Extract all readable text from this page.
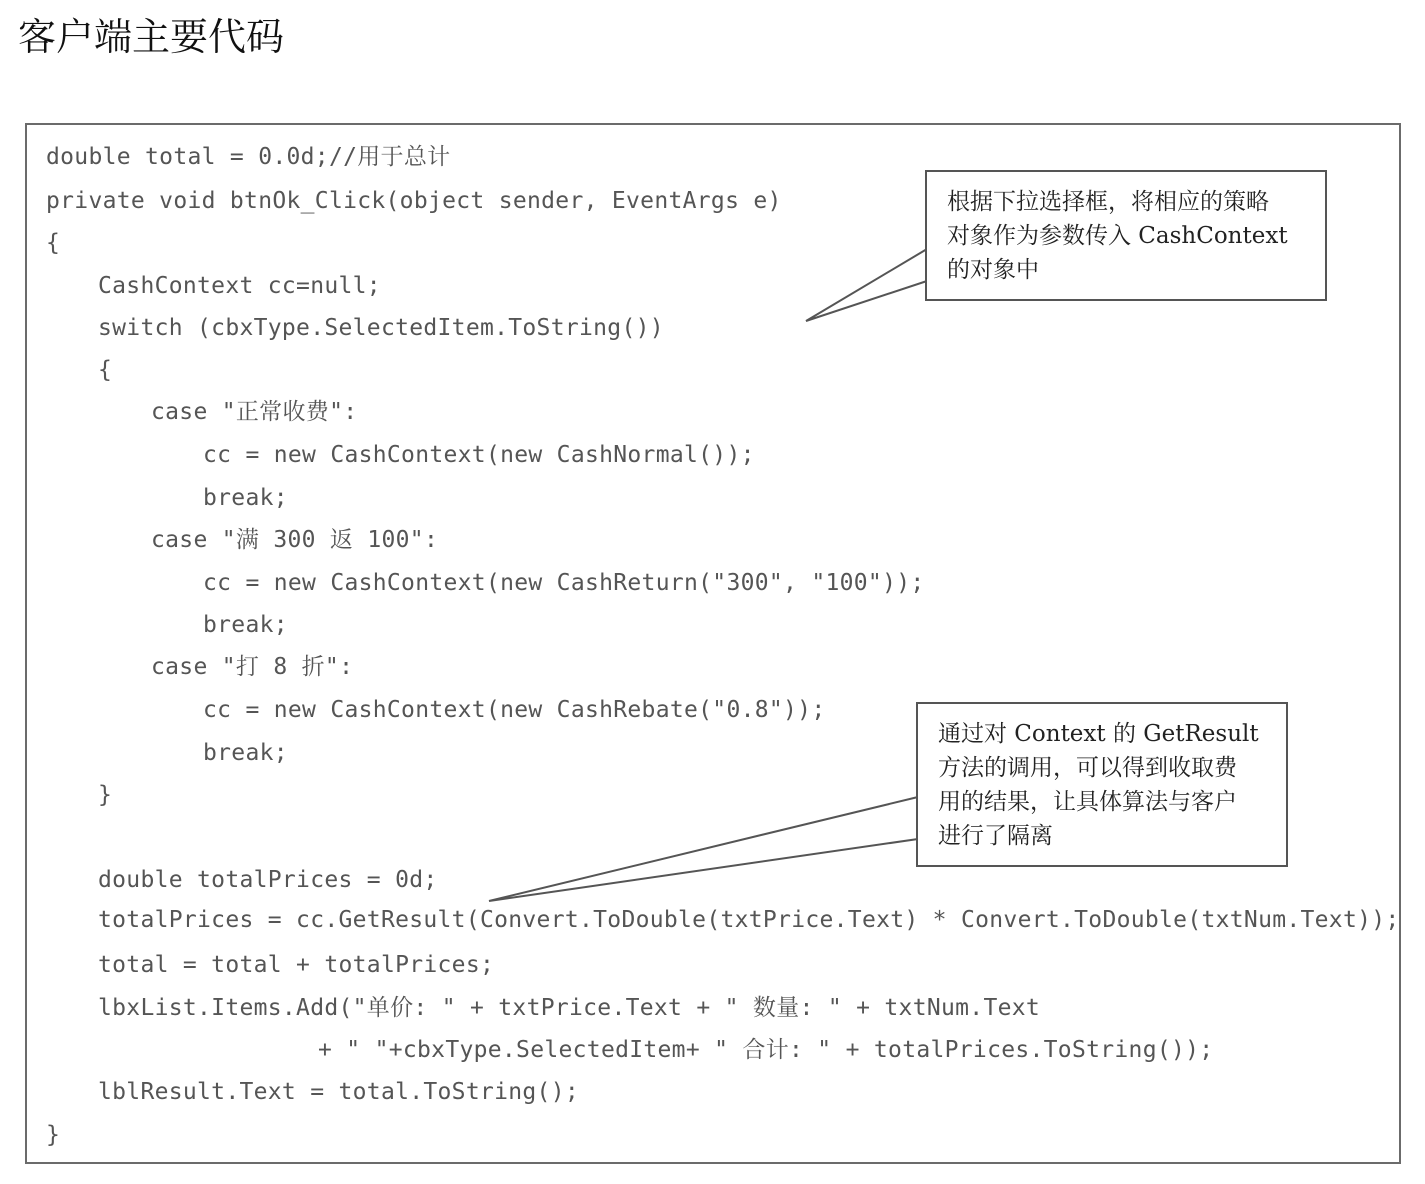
客户端主要代码
double total = 0.0d;//用于总计
private void btnOk_Click(object sender, EventArgs e)
{
CashContext cc=null;
switch (cbxType.SelectedItem.ToString())
{
case "正常收费":
cc = new CashContext(new CashNormal());
break;
case "满 300 返 100":
cc = new CashContext(new CashReturn("300", "100"));
break;
case "打 8 折":
cc = new CashContext(new CashRebate("0.8"));
break;
}
double totalPrices = 0d;
totalPrices = cc.GetResult(Convert.ToDouble(txtPrice.Text) * Convert.ToDouble(txtNum.Text));
total = total + totalPrices;
lbxList.Items.Add("单价: " + txtPrice.Text + " 数量: " + txtNum.Text
+ " "+cbxType.SelectedItem+ " 合计: " + totalPrices.ToString());
lblResult.Text = total.ToString();
}
根据下拉选择框，将相应的策略
对象作为参数传入 CashContext
的对象中
通过对 Context 的 GetResult
方法的调用，可以得到收取费
用的结果，让具体算法与客户
进行了隔离
